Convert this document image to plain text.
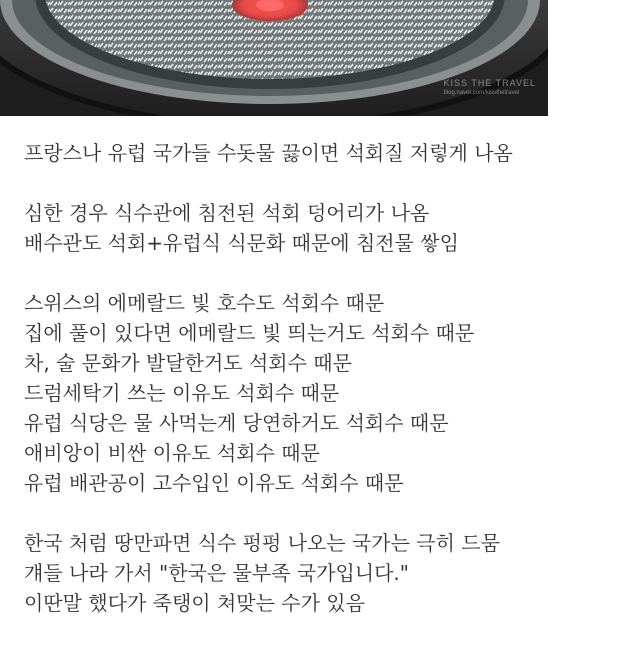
KISS THE TRAVEL
blog.naver.com/kissthetravel
프랑스나 유럽 국가들 수돗물 끓이면 석회질 저렇게 나옴
심한 경우 식수관에 침전된 석회 덩어리가 나옴
배수관도 석회+유럽식 식문화 때문에 침전물 쌓임
스위스의 에메랄드 빛 호수도 석회수 때문
집에 풀이 있다면 에메랄드 빛 띄는거도 석회수 때문
차, 술 문화가 발달한거도 석회수 때문
드럼세탁기 쓰는 이유도 석회수 때문
유럽 식당은 물 사먹는게 당연하거도 석회수 때문
애비앙이 비싼 이유도 석회수 때문
유럽 배관공이 고수입인 이유도 석회수 때문
한국 처럼 땅만파면 식수 펑펑 나오는 국가는 극히 드뭄
걔들 나라 가서 "한국은 물부족 국가입니다."
이딴말 했다가 죽탱이 쳐맞는 수가 있음
